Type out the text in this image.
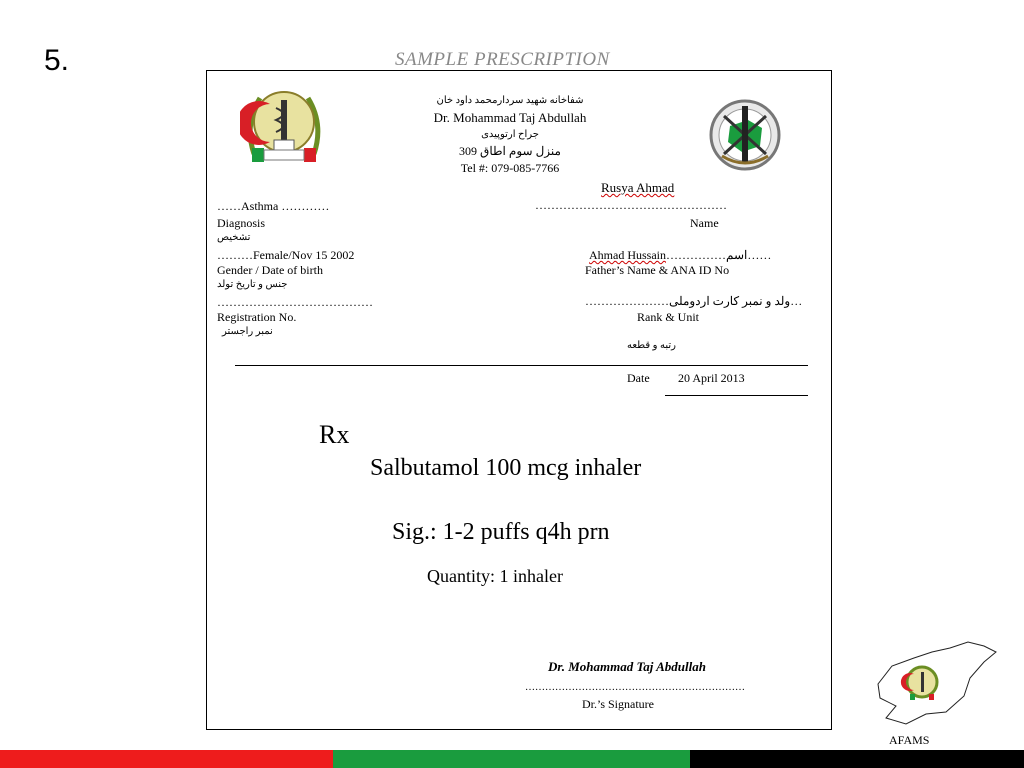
5.	SAMPLE PRESCRIPTION
شفاخانه شهید سردارمحمد داود خان
Dr. Mohammad Taj Abdullah
جراح ارتوپیدی
منزل سوم اطاق 309
Tel #: 079-085-7766
Rusya Ahmad
…………………………………………
Name
……Asthma …………
Diagnosis
تشخیص
………Female/Nov 15 2002
Gender / Date of birth
جنس و تاریخ تولد
Ahmad Hussain……………اسم……
Father’s Name & ANA ID No
…………………………………
Registration No.
نمبر راجستر
…………………ولد و نمبر کارت اردوملی…
Rank & Unit
رتبه و قطعه
Date 20 April 2013
Rx
Salbutamol 100 mcg inhaler
Sig.: 1-2 puffs q4h prn
Quantity: 1 inhaler
Dr. Mohammad Taj Abdullah
…………………………………………………………
Dr.’s Signature
AFAMS
